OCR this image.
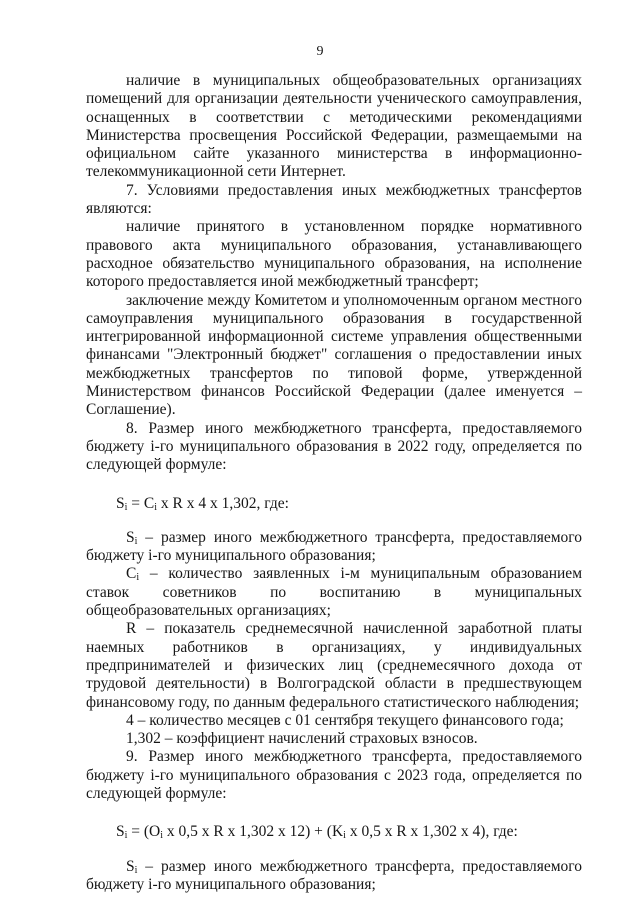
9

наличие в муниципальных общеобразовательных организациях помещений для организации деятельности ученического самоуправления, оснащенных в соответствии с методическими рекомендациями Министерства просвещения Российской Федерации, размещаемыми на официальном сайте указанного министерства в информационно-телекоммуникационной сети Интернет.

7. Условиями предоставления иных межбюджетных трансфертов являются:

наличие принятого в установленном порядке нормативного правового акта муниципального образования, устанавливающего расходное обязательство муниципального образования, на исполнение которого предоставляется иной межбюджетный трансферт;

заключение между Комитетом и уполномоченным органом местного самоуправления муниципального образования в государственной интегрированной информационной системе управления общественными финансами "Электронный бюджет" соглашения о предоставлении иных межбюджетных трансфертов по типовой форме, утвержденной Министерством финансов Российской Федерации (далее именуется – Соглашение).

8. Размер иного межбюджетного трансферта, предоставляемого бюджету i-го муниципального образования в 2022 году, определяется по следующей формуле:

$S_i = C_i$ x R x 4 x 1,302, где:

$S_i$ – размер иного межбюджетного трансферта, предоставляемого бюджету i-го муниципального образования;

$C_i$ – количество заявленных i-м муниципальным образованием ставок советников по воспитанию в муниципальных общеобразовательных организациях;

R – показатель среднемесячной начисленной заработной платы наемных работников в организациях, у индивидуальных предпринимателей и физических лиц (среднемесячного дохода от трудовой деятельности) в Волгоградской области в предшествующем финансовому году, по данным федерального статистического наблюдения;

4 – количество месяцев с 01 сентября текущего финансового года;

1,302 – коэффициент начислений страховых взносов.

9. Размер иного межбюджетного трансферта, предоставляемого бюджету i-го муниципального образования с 2023 года, определяется по следующей формуле:

$S_i = (O_i$ x 0,5 x R x 1,302 x $12) + (K_i$ x 0,5 x R x 1,302 x 4), где:

$S_i$ – размер иного межбюджетного трансферта, предоставляемого бюджету i-го муниципального образования;
